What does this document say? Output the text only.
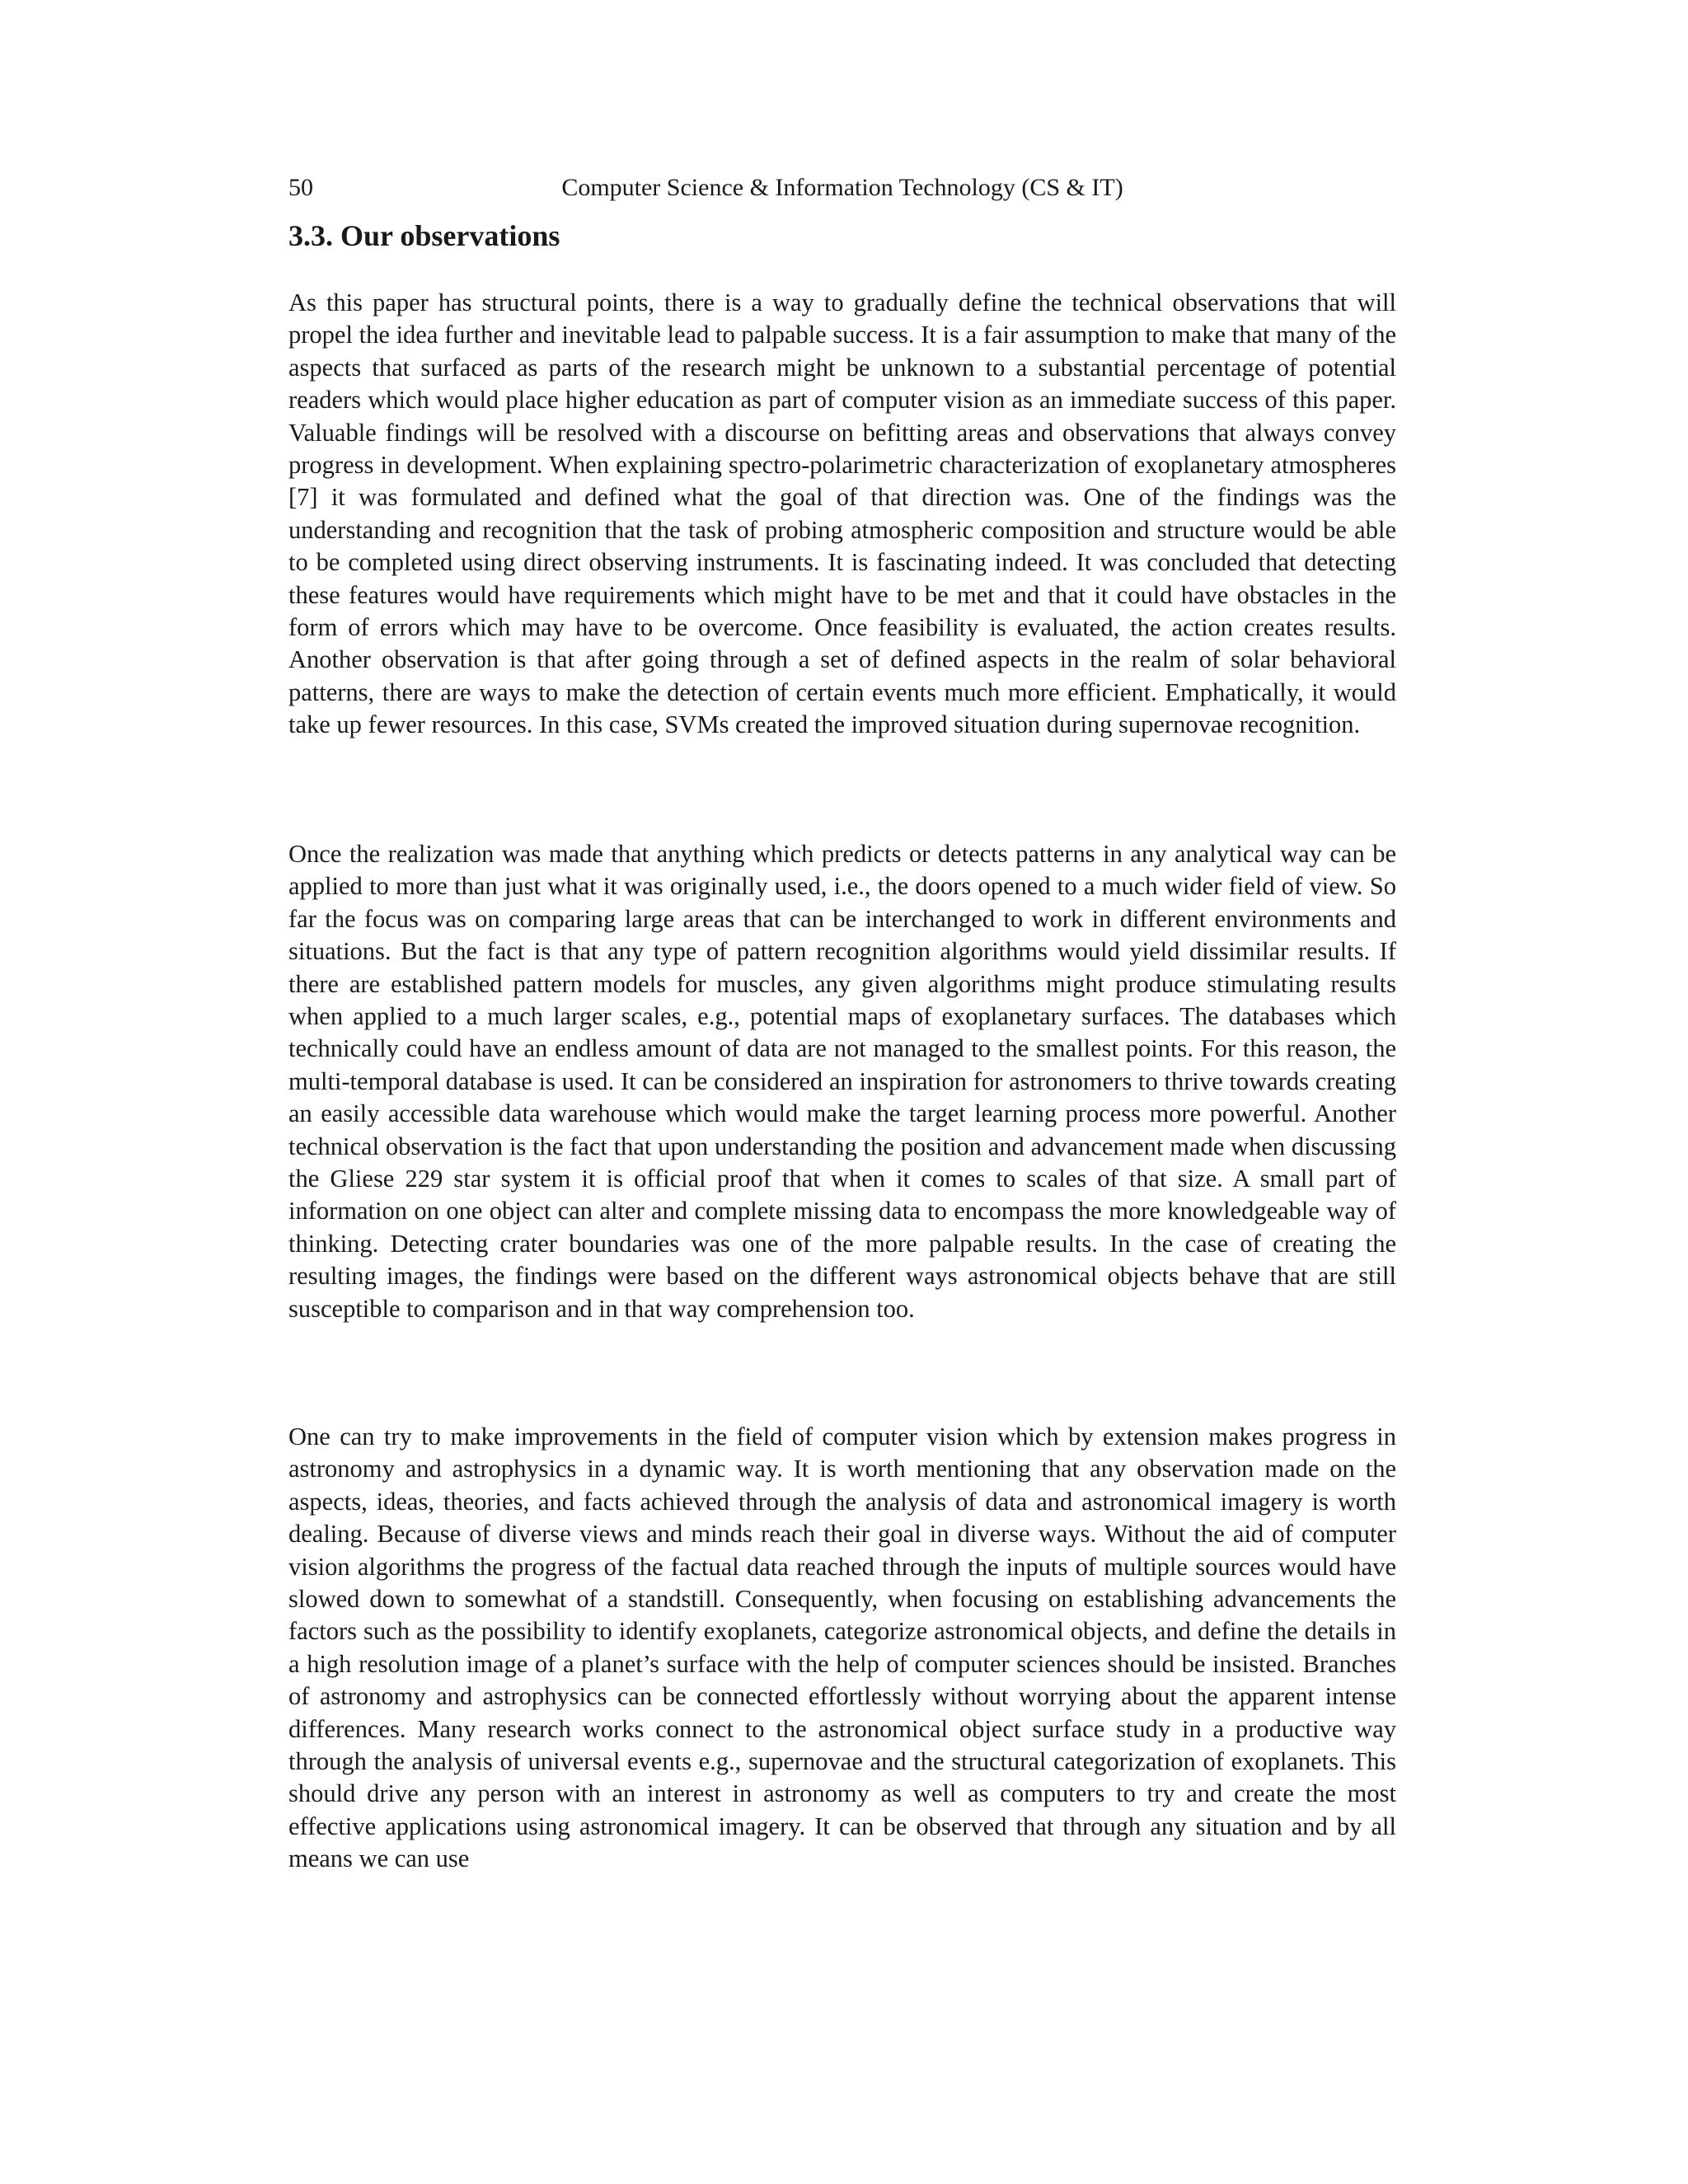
50	Computer Science & Information Technology (CS & IT)
3.3. Our observations

As this paper has structural points, there is a way to gradually define the technical observations that will propel the idea further and inevitable lead to palpable success. It is a fair assumption to make that many of the aspects that surfaced as parts of the research might be unknown to a substantial percentage of potential readers which would place higher education as part of computer vision as an immediate success of this paper. Valuable findings will be resolved with a discourse on befitting areas and observations that always convey progress in development. When explaining spectro-polarimetric characterization of exoplanetary atmospheres [7] it was formulated and defined what the goal of that direction was. One of the findings was the understanding and recognition that the task of probing atmospheric composition and structure would be able to be completed using direct observing instruments. It is fascinating indeed. It was concluded that detecting these features would have requirements which might have to be met and that it could have obstacles in the form of errors which may have to be overcome. Once feasibility is evaluated, the action creates results. Another observation is that after going through a set of defined aspects in the realm of solar behavioral patterns, there are ways to make the detection of certain events much more efficient. Emphatically, it would take up fewer resources. In this case, SVMs created the improved situation during supernovae recognition.

Once the realization was made that anything which predicts or detects patterns in any analytical way can be applied to more than just what it was originally used, i.e., the doors opened to a much wider field of view. So far the focus was on comparing large areas that can be interchanged to work in different environments and situations. But the fact is that any type of pattern recognition algorithms would yield dissimilar results. If there are established pattern models for muscles, any given algorithms might produce stimulating results when applied to a much larger scales, e.g., potential maps of exoplanetary surfaces. The databases which technically could have an endless amount of data are not managed to the smallest points. For this reason, the multi-temporal database is used. It can be considered an inspiration for astronomers to thrive towards creating an easily accessible data warehouse which would make the target learning process more powerful. Another technical observation is the fact that upon understanding the position and advancement made when discussing the Gliese 229 star system it is official proof that when it comes to scales of that size. A small part of information on one object can alter and complete missing data to encompass the more knowledgeable way of thinking. Detecting crater boundaries was one of the more palpable results. In the case of creating the resulting images, the findings were based on the different ways astronomical objects behave that are still susceptible to comparison and in that way comprehension too.

One can try to make improvements in the field of computer vision which by extension makes progress in astronomy and astrophysics in a dynamic way. It is worth mentioning that any observation made on the aspects, ideas, theories, and facts achieved through the analysis of data and astronomical imagery is worth dealing. Because of diverse views and minds reach their goal in diverse ways. Without the aid of computer vision algorithms the progress of the factual data reached through the inputs of multiple sources would have slowed down to somewhat of a standstill. Consequently, when focusing on establishing advancements the factors such as the possibility to identify exoplanets, categorize astronomical objects, and define the details in a high resolution image of a planet’s surface with the help of computer sciences should be insisted. Branches of astronomy and astrophysics can be connected effortlessly without worrying about the apparent intense differences. Many research works connect to the astronomical object surface study in a productive way through the analysis of universal events e.g., supernovae and the structural categorization of exoplanets. This should drive any person with an interest in astronomy as well as computers to try and create the most effective applications using astronomical imagery. It can be observed that through any situation and by all means we can use
